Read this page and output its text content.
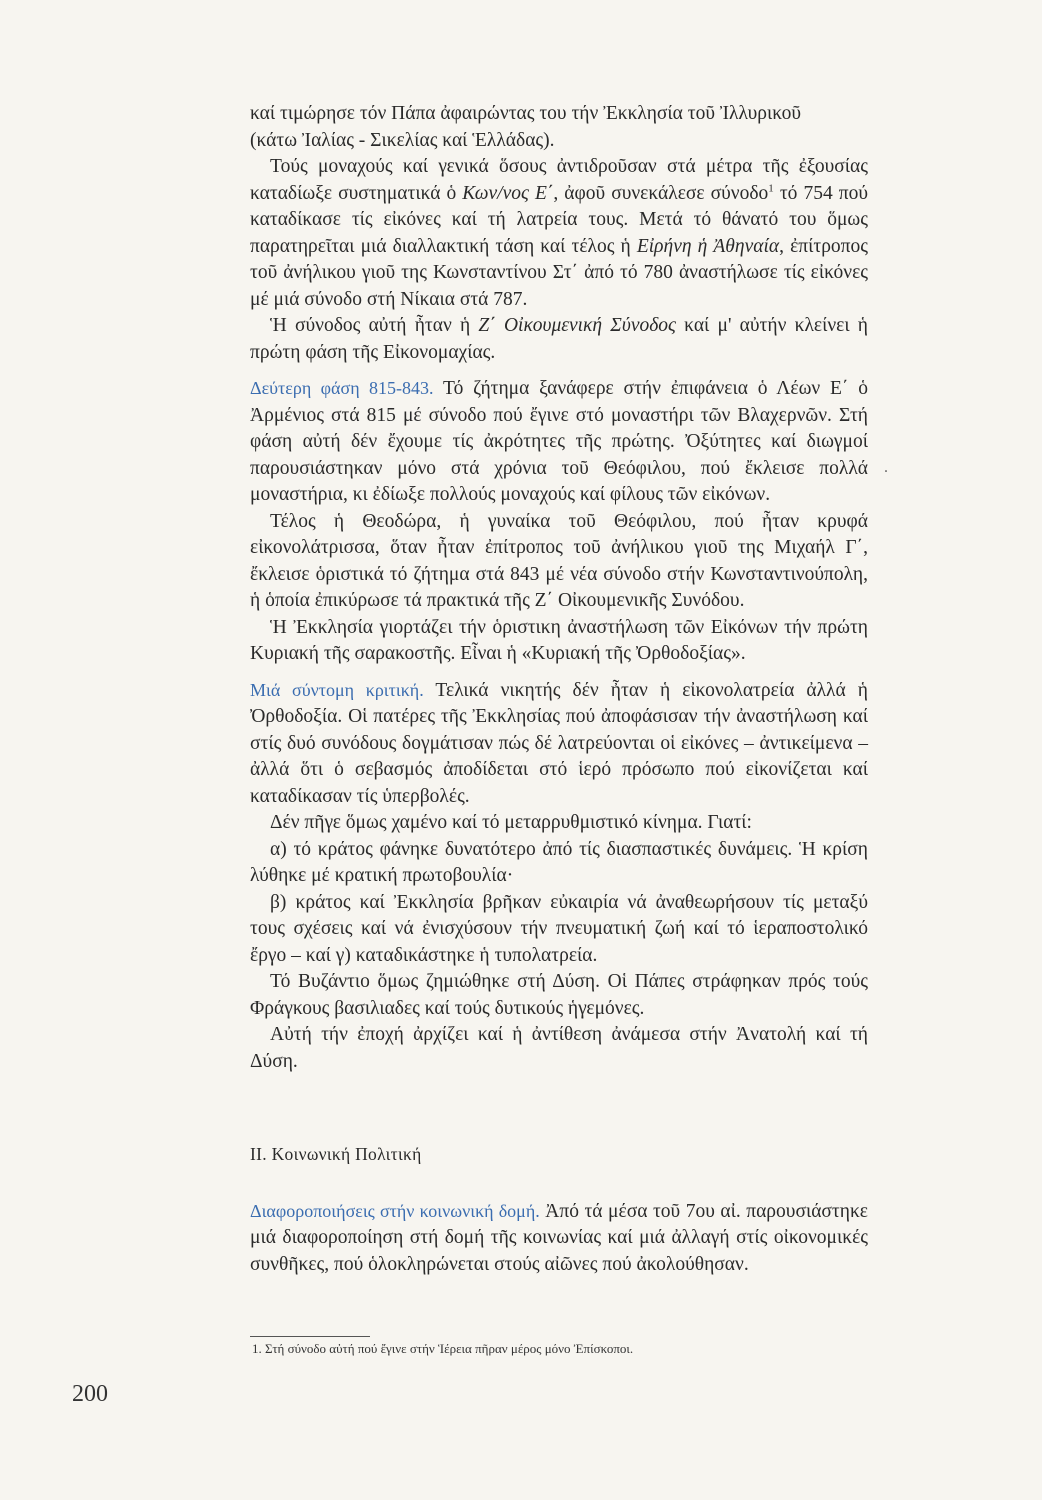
καί τιμώρησε τόν Πάπα ἀφαιρώντας του τήν Ἐκκλησία τοῦ Ἰλλυρικοῦ
(κάτω Ἰαλίας - Σικελίας καί Ἑλλάδας).

Τούς μοναχούς καί γενικά ὅσους ἀντιδροῦσαν στά μέτρα τῆς ἐξουσίας καταδίωξε συστηματικά ὁ Κων/νος Ε΄, ἀφοῦ συνεκάλεσε σύνοδο$^1$ τό 754 πού καταδίκασε τίς εἰκόνες καί τή λατρεία τους. Μετά τό θάνατό του ὅμως παρατηρεῖται μιά διαλλακτική τάση καί τέλος ἡ Εἰρήνη ἡ Ἀθηναία, ἐπίτροπος τοῦ ἀνήλικου γιοῦ της Κωνσταντίνου Στ΄ ἀπό τό 780 ἀναστήλωσε τίς εἰκόνες μέ μιά σύνοδο στή Νίκαια στά 787.

Ἡ σύνοδος αὐτή ἦταν ἡ Ζ΄ Οἰκουμενική Σύνοδος καί μ' αὐτήν κλείνει ἡ πρώτη φάση τῆς Εἰκονομαχίας.

Δεύτερη φάση 815-843. Τό ζήτημα ξανάφερε στήν ἐπιφάνεια ὁ Λέων Ε΄ ὁ Ἀρμένιος στά 815 μέ σύνοδο πού ἔγινε στό μοναστήρι τῶν Βλαχερνῶν. Στή φάση αὐτή δέν ἔχουμε τίς ἀκρότητες τῆς πρώτης. Ὀξύτητες καί διωγμοί παρουσιάστηκαν μόνο στά χρόνια τοῦ Θεόφιλου, πού ἔκλεισε πολλά μοναστήρια, κι ἐδίωξε πολλούς μοναχούς καί φίλους τῶν εἰκόνων.

Τέλος ἡ Θεοδώρα, ἡ γυναίκα τοῦ Θεόφιλου, πού ἦταν κρυφά εἰκονολάτρισσα, ὅταν ἦταν ἐπίτροπος τοῦ ἀνήλικου γιοῦ της Μιχαήλ Γ΄, ἔκλεισε ὁριστικά τό ζήτημα στά 843 μέ νέα σύνοδο στήν Κωνσταντινούπολη, ἡ ὁποία ἐπικύρωσε τά πρακτικά τῆς Ζ΄ Οἰκουμενικῆς Συνόδου.

Ἡ Ἐκκλησία γιορτάζει τήν ὁριστικη ἀναστήλωση τῶν Εἰκόνων τήν πρώτη Κυριακή τῆς σαρακοστῆς. Εἶναι ἡ «Κυριακή τῆς Ὀρθοδοξίας».

Μιά σύντομη κριτική. Τελικά νικητής δέν ἦταν ἡ εἰκονολατρεία ἀλλά ἡ Ὀρθοδοξία. Οἱ πατέρες τῆς Ἐκκλησίας πού ἀποφάσισαν τήν ἀναστήλωση καί στίς δυό συνόδους δογμάτισαν πώς δέ λατρεύονται οἱ εἰκόνες – ἀντικείμενα – ἀλλά ὅτι ὁ σεβασμός ἀποδίδεται στό ἱερό πρόσωπο πού εἰκονίζεται καί καταδίκασαν τίς ὑπερβολές.

Δέν πῆγε ὅμως χαμένο καί τό μεταρρυθμιστικό κίνημα. Γιατί:

α) τό κράτος φάνηκε δυνατότερο ἀπό τίς διασπαστικές δυνάμεις. Ἡ κρίση λύθηκε μέ κρατική πρωτοβουλία·

β) κράτος καί Ἐκκλησία βρῆκαν εὐκαιρία νά ἀναθεωρήσουν τίς μεταξύ τους σχέσεις καί νά ἐνισχύσουν τήν πνευματική ζωή καί τό ἱεραποστολικό ἔργο – καί γ) καταδικάστηκε ἡ τυπολατρεία.

Τό Βυζάντιο ὅμως ζημιώθηκε στή Δύση. Οἱ Πάπες στράφηκαν πρός τούς Φράγκους βασιλιαδες καί τούς δυτικούς ἡγεμόνες.

Αὐτή τήν ἐποχή ἀρχίζει καί ἡ ἀντίθεση ἀνάμεσα στήν Ἀνατολή καί τή Δύση.

ΙΙ. Κοινωνική Πολιτική

Διαφοροποιήσεις στήν κοινωνική δομή. Ἀπό τά μέσα τοῦ 7ου αἰ. παρουσιάστηκε μιά διαφοροποίηση στή δομή τῆς κοινωνίας καί μιά ἀλλαγή στίς οἰκονομικές συνθῆκες, πού ὁλοκληρώνεται στούς αἰῶνες πού ἀκολούθησαν.

.
1. Στή σύνοδο αὐτή πού ἔγινε στήν Ἱέρεια πῆραν μέρος μόνο Ἐπίσκοποι.
200
